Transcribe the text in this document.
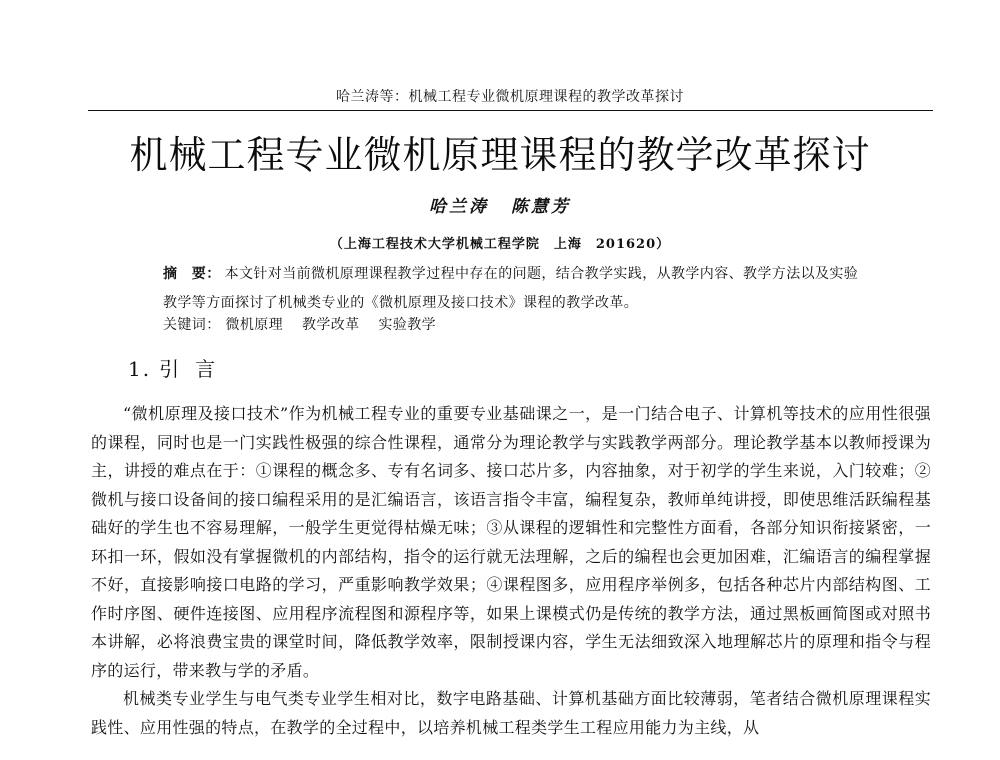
哈兰涛等：机械工程专业微机原理课程的教学改革探讨
机械工程专业微机原理课程的教学改革探讨
哈兰涛 陈慧芳
（上海工程技术大学机械工程学院　上海　201620）
摘　要： 本文针对当前微机原理课程教学过程中存在的问题，结合教学实践，从教学内容、教学方法以及实验教学等方面探讨了机械类专业的《微机原理及接口技术》课程的教学改革。
关键词： 微机原理 教学改革 实验教学
1. 引 言

“微机原理及接口技术”作为机械工程专业的重要专业基础课之一，是一门结合电子、计算机等技术的应用性很强的课程，同时也是一门实践性极强的综合性课程，通常分为理论教学与实践教学两部分。理论教学基本以教师授课为主，讲授的难点在于：①课程的概念多、专有名词多、接口芯片多，内容抽象，对于初学的学生来说，入门较难；②微机与接口设备间的接口编程采用的是汇编语言，该语言指令丰富，编程复杂，教师单纯讲授，即使思维活跃编程基础好的学生也不容易理解，一般学生更觉得枯燥无味；③从课程的逻辑性和完整性方面看，各部分知识衔接紧密，一环扣一环，假如没有掌握微机的内部结构，指令的运行就无法理解，之后的编程也会更加困难，汇编语言的编程掌握不好，直接影响接口电路的学习，严重影响教学效果；④课程图多，应用程序举例多，包括各种芯片内部结构图、工作时序图、硬件连接图、应用程序流程图和源程序等，如果上课模式仍是传统的教学方法，通过黑板画简图或对照书本讲解，必将浪费宝贵的课堂时间，降低教学效率，限制授课内容，学生无法细致深入地理解芯片的原理和指令与程序的运行，带来教与学的矛盾。

机械类专业学生与电气类专业学生相对比，数字电路基础、计算机基础方面比较薄弱，笔者结合微机原理课程实践性、应用性强的特点，在教学的全过程中，以培养机械工程类学生工程应用能力为主线，从
